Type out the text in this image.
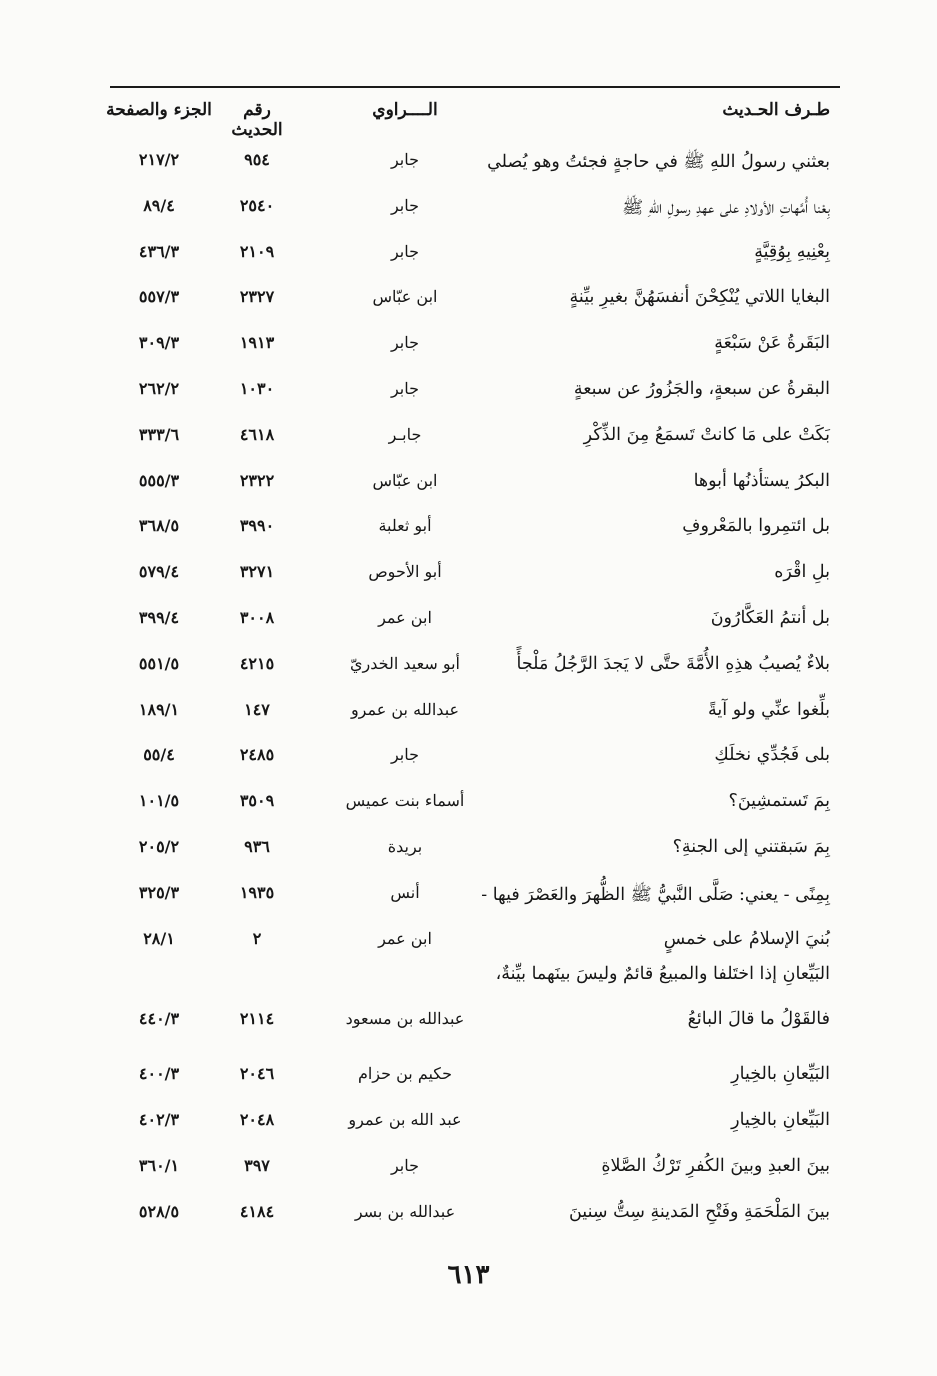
طـرف الحـديث
الــــراوي
رقم الحديث
الجزء والصفحة
بعثني رسولُ اللهِ ﷺ في حاجةٍ فجئتُ وهو يُصلي
جابر
٩٥٤
٢١٧/٢
بِعْنا أُمَّهاتِ الأولادِ على عهدِ رسولِ اللهِ ﷺ
جابر
٢٥٤٠
٨٩/٤
بِعْنِيهِ بِوُقِيَّةٍ
جابر
٢١٠٩
٤٣٦/٣
البغايا اللاتي يُنْكِحْنَ أنفسَهُنَّ بغيرِ بيِّنةٍ
ابن عبّاس
٢٣٢٧
٥٥٧/٣
البَقَرةُ عَنْ سَبْعَةٍ
جابر
١٩١٣
٣٠٩/٣
البقرةُ عن سبعةٍ، والجَزُورُ عن سبعةٍ
جابر
١٠٣٠
٢٦٢/٢
بَكَتْ على مَا كانتْ تَسمَعُ مِنَ الذِّكْرِ
جابـر
٤٦١٨
٣٣٣/٦
البكرُ يستأذنُها أبوها
ابن عبّاس
٢٣٢٢
٥٥٥/٣
بل ائتمِروا بالمَعْروفِ
أبو ثعلبة
٣٩٩٠
٣٦٨/٥
بلِ اقْرَه
أبو الأحوص
٣٢٧١
٥٧٩/٤
بل أنتمُ العَكَّارُونَ
ابن عمر
٣٠٠٨
٣٩٩/٤
بلاءٌ يُصيبُ هذِهِ الأُمَّةَ حتَّى لا يَجدَ الرَّجُلُ مَلْجأً
أبو سعيد الخدريّ
٤٢١٥
٥٥١/٥
بلِّغوا عنِّي ولو آيةً
عبدالله بن عمرو
١٤٧
١٨٩/١
بلى فَجُدِّي نخلَكِ
جابر
٢٤٨٥
٥٥/٤
بِمَ تَستمشِينَ؟
أسماء بنت عميس
٣٥٠٩
١٠١/٥
بِمَ سَبقتني إلى الجنةِ؟
بريدة
٩٣٦
٢٠٥/٢
بِمِنًى - يعني: صَلَّى النَّبيُّ ﷺ الظُّهرَ والعَصْرَ فيها -
أنس
١٩٣٥
٣٢٥/٣
بُنيَ الإسلامُ على خمسٍ
ابن عمر
٢
٢٨/١
البَيِّعانِ إذا اختَلفا والمبيعُ قائمٌ وليسَ بينَهما بيِّنةٌ،
فالقَوْلُ ما قالَ البائعُ
عبدالله بن مسعود
٢١١٤
٤٤٠/٣
البَيِّعانِ بالخِيارِ
حكيم بن حزام
٢٠٤٦
٤٠٠/٣
البَيِّعانِ بالخِيارِ
عبد الله بن عمرو
٢٠٤٨
٤٠٢/٣
بينَ العبدِ وبينَ الكُفرِ تَرْكُ الصَّلاةِ
جابر
٣٩٧
٣٦٠/١
بينَ المَلْحَمَةِ وفَتْحِ المَدينةِ سِتُّ سِنينَ
عبدالله بن بسر
٤١٨٤
٥٢٨/٥
٦١٣
